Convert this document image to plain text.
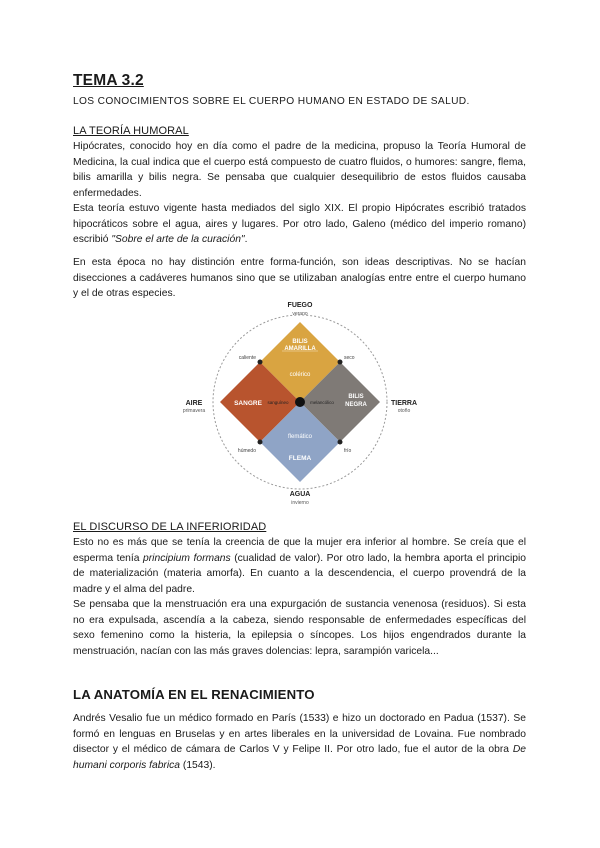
TEMA 3.2
LOS CONOCIMIENTOS SOBRE EL CUERPO HUMANO EN ESTADO DE SALUD.
LA TEORÍA HUMORAL

Hipócrates, conocido hoy en día como el padre de la medicina, propuso la Teoría Humoral de Medicina, la cual indica que el cuerpo está compuesto de cuatro fluidos, o humores: sangre, flema, bilis amarilla y bilis negra. Se pensaba que cualquier desequilibrio de estos fluidos causaba enfermedades.

Esta teoría estuvo vigente hasta mediados del siglo XIX. El propio Hipócrates escribió tratados hipocráticos sobre el agua, aires y lugares. Por otro lado, Galeno (médico del imperio romano) escribió "Sobre el arte de la curación".

En esta época no hay distinción entre forma-función, son ideas descriptivas. No se hacían disecciones a cadáveres humanos sino que se utilizaban analogías entre entre el cuerpo humano y el de otras especies.
FUEGO
verano
AGUA
invierno
AIRE
primavera
TIERRA
otoño
caliente	seco
húmedo	frío
BILIS
AMARILLA
colérico
SANGRE sanguíneo
BILIS
NEGRA
melancólico
flemático
FLEMA
EL DISCURSO DE LA INFERIORIDAD

Esto no es más que se tenía la creencia de que la mujer era inferior al hombre. Se creía que el esperma tenía principium formans (cualidad de valor). Por otro lado, la hembra aporta el principio de materialización (materia amorfa). En cuanto a la descendencia, el cuerpo provendrá de la madre y el alma del padre.

Se pensaba que la menstruación era una expurgación de sustancia venenosa (residuos). Si esta no era expulsada, ascendía a la cabeza, siendo responsable de enfermedades específicas del sexo femenino como la histeria, la epilepsia o síncopes. Los hijos engendrados durante la menstruación, nacían con las más graves dolencias: lepra, sarampión varicela...

LA ANATOMÍA EN EL RENACIMIENTO
Andrés Vesalio fue un médico formado en París (1533) e hizo un doctorado en Padua (1537). Se formó en lenguas en Bruselas y en artes liberales en la universidad de Lovaina. Fue nombrado disector y el médico de cámara de Carlos V y Felipe II. Por otro lado, fue el autor de la obra De humani corporis fabrica (1543).
